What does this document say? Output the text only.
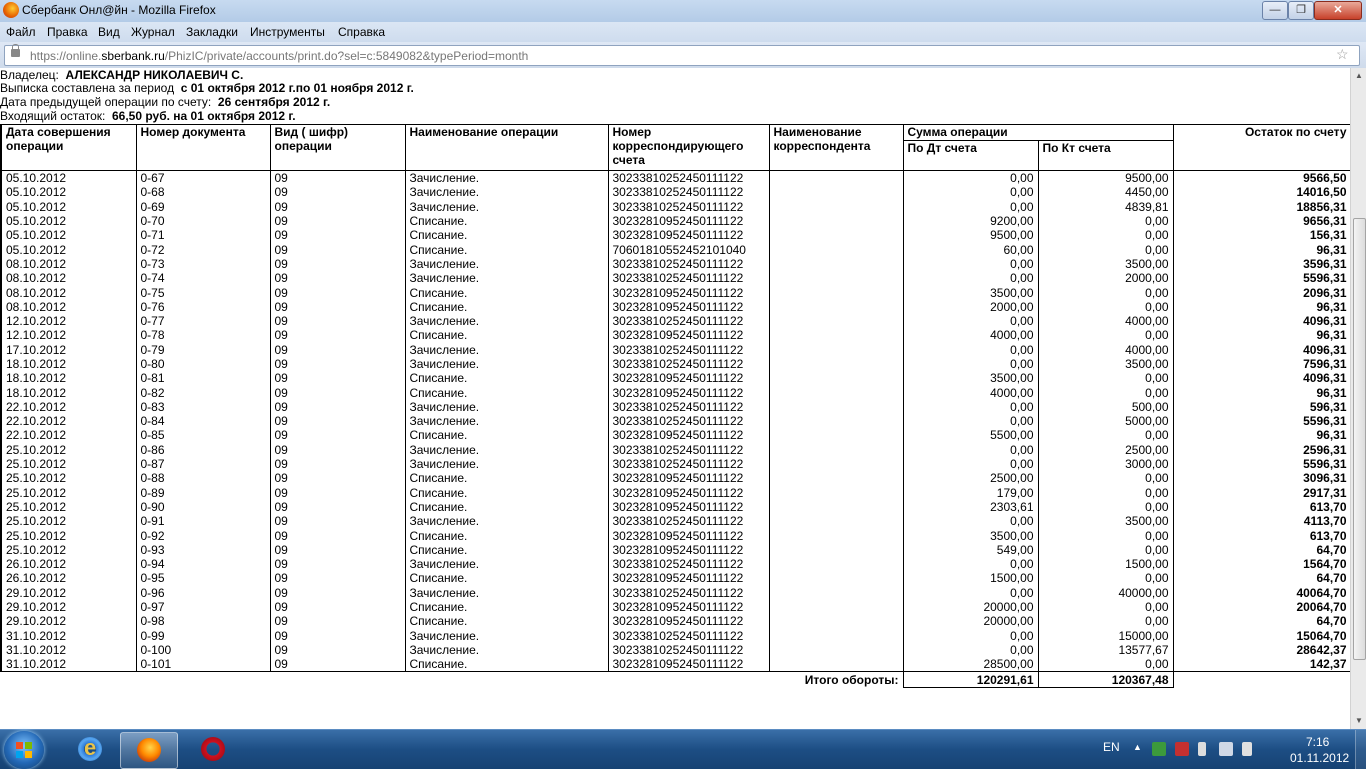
Сбербанк Онл@йн - Mozilla Firefox	—	❐	✕
Файл Правка Вид Журнал Закладки Инструменты Справка
https://online.sberbank.ru/PhizIC/private/accounts/print.do?sel=c:5849082&typePeriod=month	☆
Владелец: АЛЕКСАНДР НИКОЛАЕВИЧ С.
Выписка составлена за период с 01 октября 2012 г.по 01 ноября 2012 г.
Дата предыдущей операции по счету: 26 сентября 2012 г.
Входящий остаток: 66,50 руб. на 01 октября 2012 г.
Дата совершения операции	Номер документа	Вид ( шифр) операции	Наименование операции	Номер корреспондирующего счета	Наименование корреспондента	Сумма операции		Остаток по счету
						По Дт счета	По Кт счета	
05.10.2012	0-67	09	Зачисление.	30233810252450111122		0,00	9500,00	9566,50
05.10.2012	0-68	09	Зачисление.	30233810252450111122		0,00	4450,00	14016,50
05.10.2012	0-69	09	Зачисление.	30233810252450111122		0,00	4839,81	18856,31
05.10.2012	0-70	09	Списание.	30232810952450111122		9200,00	0,00	9656,31
05.10.2012	0-71	09	Списание.	30232810952450111122		9500,00	0,00	156,31
05.10.2012	0-72	09	Списание.	70601810552452101040		60,00	0,00	96,31
08.10.2012	0-73	09	Зачисление.	30233810252450111122		0,00	3500,00	3596,31
08.10.2012	0-74	09	Зачисление.	30233810252450111122		0,00	2000,00	5596,31
08.10.2012	0-75	09	Списание.	30232810952450111122		3500,00	0,00	2096,31
08.10.2012	0-76	09	Списание.	30232810952450111122		2000,00	0,00	96,31
12.10.2012	0-77	09	Зачисление.	30233810252450111122		0,00	4000,00	4096,31
12.10.2012	0-78	09	Списание.	30232810952450111122		4000,00	0,00	96,31
17.10.2012	0-79	09	Зачисление.	30233810252450111122		0,00	4000,00	4096,31
18.10.2012	0-80	09	Зачисление.	30233810252450111122		0,00	3500,00	7596,31
18.10.2012	0-81	09	Списание.	30232810952450111122		3500,00	0,00	4096,31
18.10.2012	0-82	09	Списание.	30232810952450111122		4000,00	0,00	96,31
22.10.2012	0-83	09	Зачисление.	30233810252450111122		0,00	500,00	596,31
22.10.2012	0-84	09	Зачисление.	30233810252450111122		0,00	5000,00	5596,31
22.10.2012	0-85	09	Списание.	30232810952450111122		5500,00	0,00	96,31
25.10.2012	0-86	09	Зачисление.	30233810252450111122		0,00	2500,00	2596,31
25.10.2012	0-87	09	Зачисление.	30233810252450111122		0,00	3000,00	5596,31
25.10.2012	0-88	09	Списание.	30232810952450111122		2500,00	0,00	3096,31
25.10.2012	0-89	09	Списание.	30232810952450111122		179,00	0,00	2917,31
25.10.2012	0-90	09	Списание.	30232810952450111122		2303,61	0,00	613,70
25.10.2012	0-91	09	Зачисление.	30233810252450111122		0,00	3500,00	4113,70
25.10.2012	0-92	09	Списание.	30232810952450111122		3500,00	0,00	613,70
25.10.2012	0-93	09	Списание.	30232810952450111122		549,00	0,00	64,70
26.10.2012	0-94	09	Зачисление.	30233810252450111122		0,00	1500,00	1564,70
26.10.2012	0-95	09	Списание.	30232810952450111122		1500,00	0,00	64,70
29.10.2012	0-96	09	Зачисление.	30233810252450111122		0,00	40000,00	40064,70
29.10.2012	0-97	09	Списание.	30232810952450111122		20000,00	0,00	20064,70
29.10.2012	0-98	09	Списание.	30232810952450111122		20000,00	0,00	64,70
31.10.2012	0-99	09	Зачисление.	30233810252450111122		0,00	15000,00	15064,70
31.10.2012	0-100	09	Зачисление.	30233810252450111122		0,00	13577,67	28642,37
31.10.2012	0-101	09	Списание.	30232810952450111122		28500,00	0,00	142,37
Итого обороты:						120291,61	120367,48	
▲
▼
e
EN ▲	7:16
01.11.2012
